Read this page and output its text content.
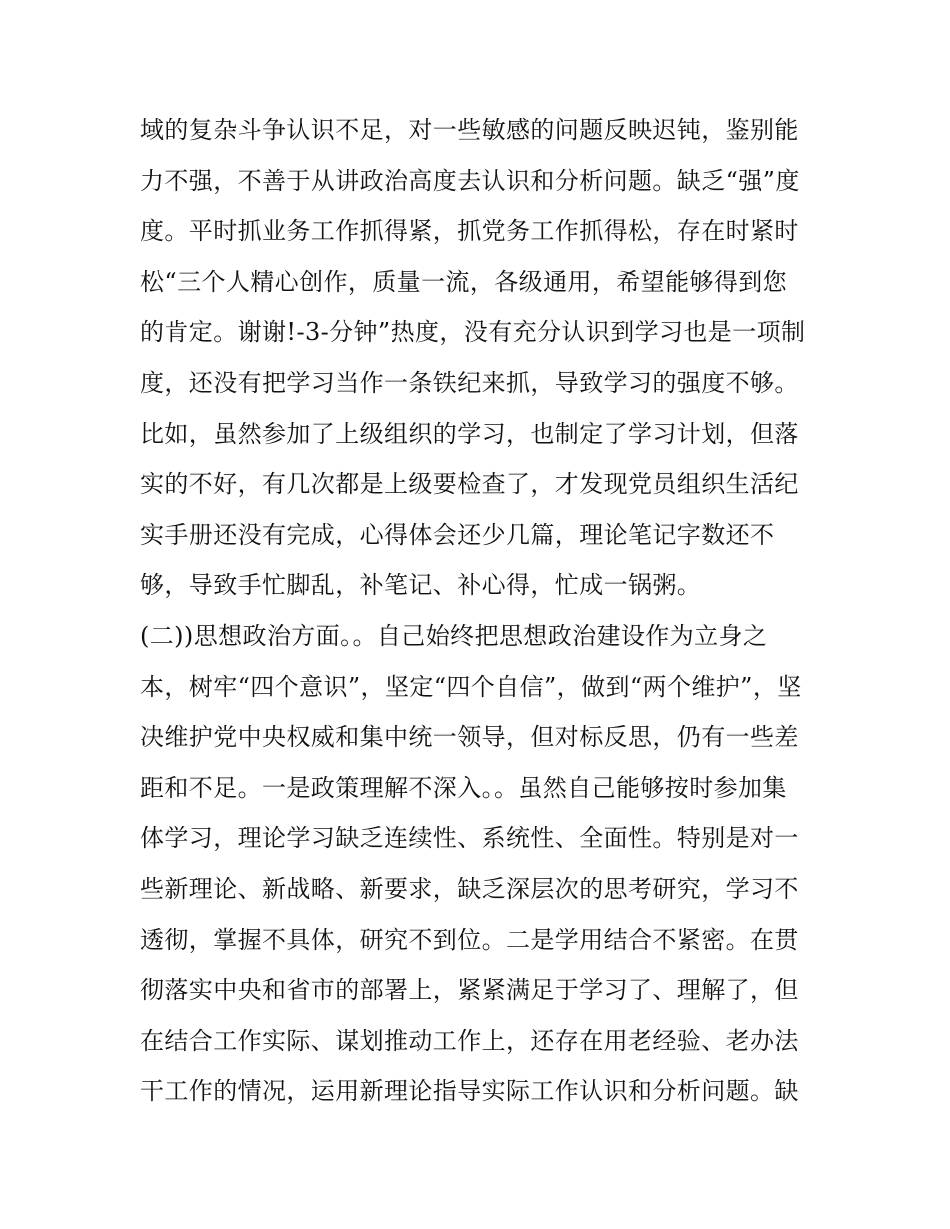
域的复杂斗争认识不足，对一些敏感的问题反映迟钝，鉴别能
力不强，不善于从讲政治高度去认识和分析问题。缺乏“强”度
度。平时抓业务工作抓得紧，抓党务工作抓得松，存在时紧时
松“三个人精心创作，质量一流，各级通用，希望能够得到您
的肯定。谢谢!-3-分钟”热度，没有充分认识到学习也是一项制
度，还没有把学习当作一条铁纪来抓，导致学习的强度不够。
比如，虽然参加了上级组织的学习，也制定了学习计划，但落
实的不好，有几次都是上级要检查了，才发现党员组织生活纪
实手册还没有完成，心得体会还少几篇，理论笔记字数还不
够，导致手忙脚乱，补笔记、补心得，忙成一锅粥。
(二))思想政治方面。。自己始终把思想政治建设作为立身之
本，树牢“四个意识”，坚定“四个自信”，做到“两个维护”，坚
决维护党中央权威和集中统一领导，但对标反思，仍有一些差
距和不足。一是政策理解不深入。。虽然自己能够按时参加集
体学习，理论学习缺乏连续性、系统性、全面性。特别是对一
些新理论、新战略、新要求，缺乏深层次的思考研究，学习不
透彻，掌握不具体，研究不到位。二是学用结合不紧密。在贯
彻落实中央和省市的部署上，紧紧满足于学习了、理解了，但
在结合工作实际、谋划推动工作上，还存在用老经验、老办法
干工作的情况，运用新理论指导实际工作认识和分析问题。缺
